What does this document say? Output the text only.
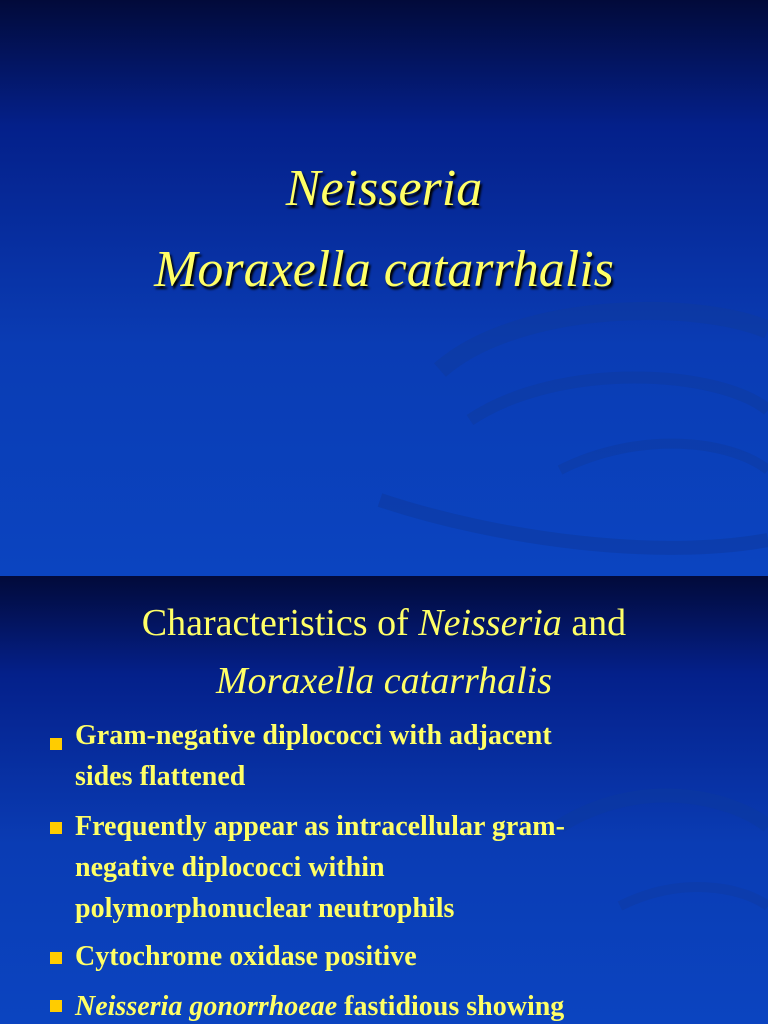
Neisseria
Moraxella catarrhalis
Characteristics of Neisseria and
Moraxella catarrhalis
Gram-negative diplococci with adjacent
sides flattened
Frequently appear as intracellular gram-
negative diplococci within
polymorphonuclear neutrophils
Cytochrome oxidase positive
Neisseria gonorrhoeae fastidious showing
